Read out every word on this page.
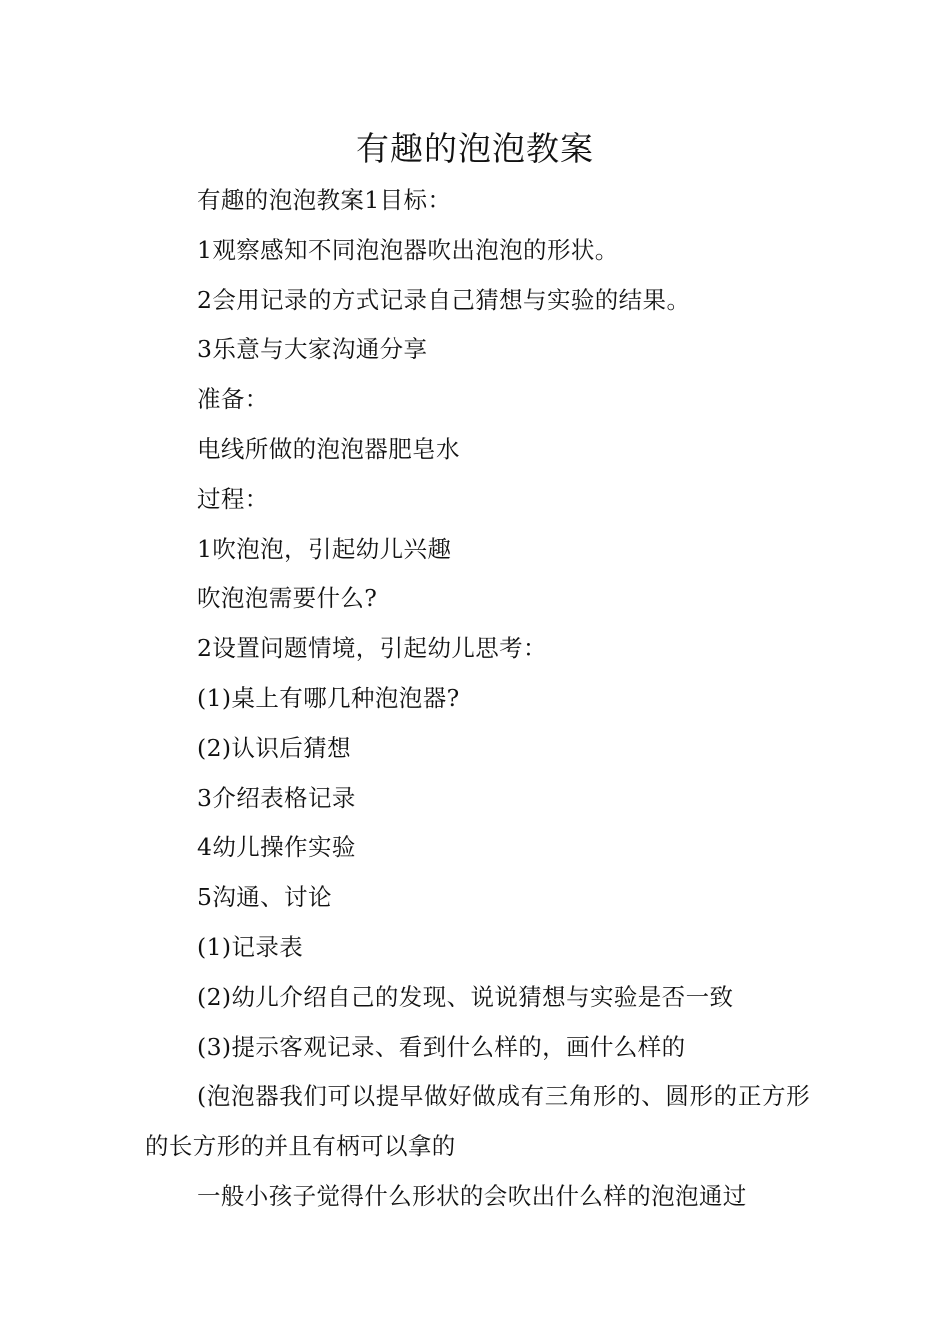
有趣的泡泡教案

有趣的泡泡教案1目标：

1观察感知不同泡泡器吹出泡泡的形状。

2会用记录的方式记录自己猜想与实验的结果。

3乐意与大家沟通分享

准备：

电线所做的泡泡器肥皂水

过程：

1吹泡泡，引起幼儿兴趣

吹泡泡需要什么?

2设置问题情境，引起幼儿思考：

(1)桌上有哪几种泡泡器?

(2)认识后猜想

3介绍表格记录

4幼儿操作实验

5沟通、讨论

(1)记录表

(2)幼儿介绍自己的发现、说说猜想与实验是否一致

(3)提示客观记录、看到什么样的，画什么样的

(泡泡器我们可以提早做好做成有三角形的、圆形的正方形的长方形的并且有柄可以拿的

一般小孩子觉得什么形状的会吹出什么样的泡泡通过
